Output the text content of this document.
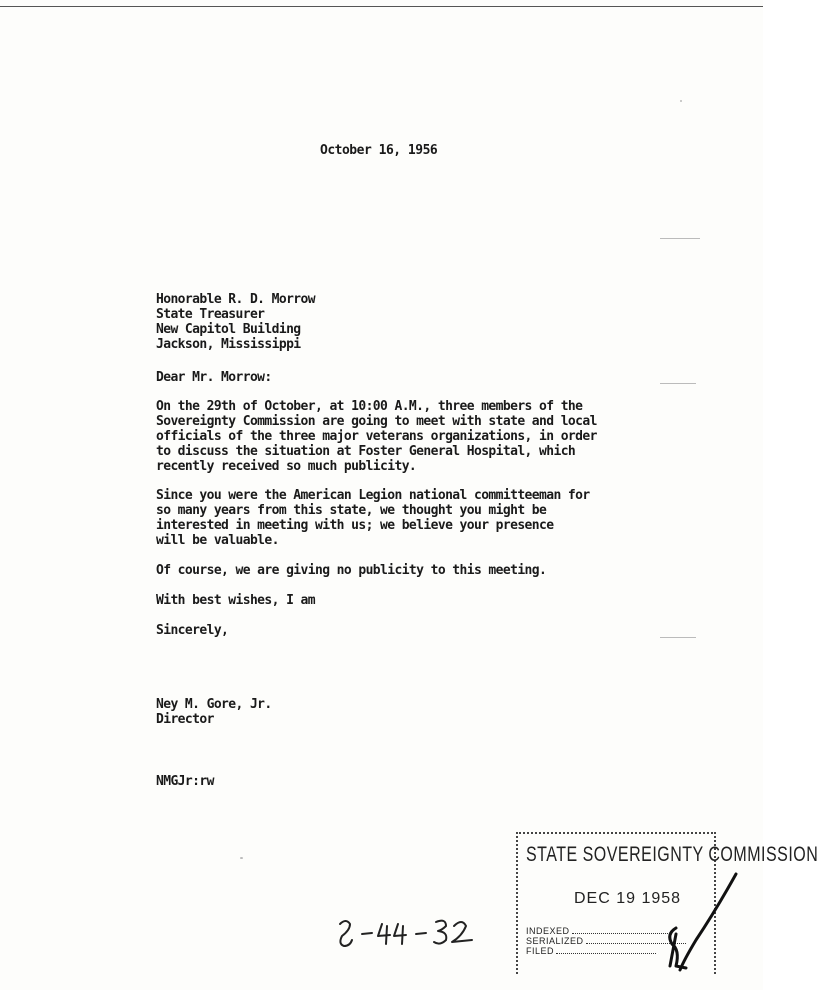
October 16, 1956
Honorable R. D. Morrow
State Treasurer
New Capitol Building
Jackson, Mississippi
Dear Mr. Morrow:
On the 29th of October, at 10:00 A.M., three members of the
Sovereignty Commission are going to meet with state and local
officials of the three major veterans organizations, in order
to discuss the situation at Foster General Hospital, which
recently received so much publicity.
Since you were the American Legion national committeeman for
so many years from this state, we thought you might be
interested in meeting with us; we believe your presence
will be valuable.
Of course, we are giving no publicity to this meeting.
With best wishes, I am
Sincerely,
Ney M. Gore, Jr.
Director
NMGJr:rw
STATE SOVEREIGNTY COMMISSION
DEC 19 1958
INDEXED
SERIALIZED
FILED
